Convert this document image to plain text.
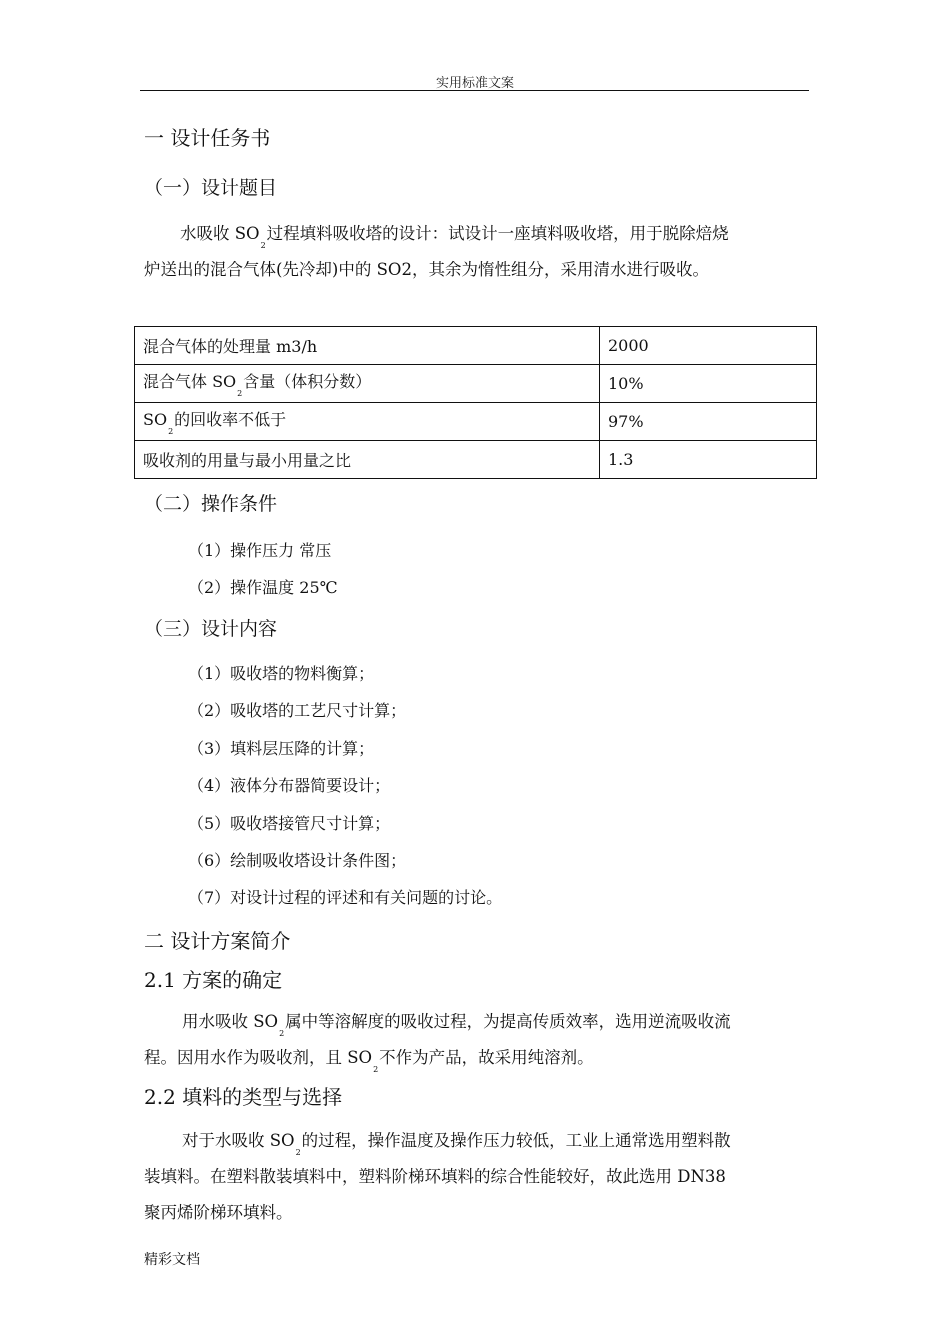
实用标准文案
一 设计任务书
（一）设计题目
水吸收 $SO_2$过程填料吸收塔的设计：试设计一座填料吸收塔，用于脱除焙烧
炉送出的混合气体(先冷却)中的 SO2，其余为惰性组分，采用清水进行吸收。
混合气体的处理量 m3/h	2000
混合气体 $SO_2$含量（体积分数）	10%
$SO_2$的回收率不低于	97%
吸收剂的用量与最小用量之比	1.3
（二）操作条件
（1）操作压力 常压
（2）操作温度 25℃
（三）设计内容
（1）吸收塔的物料衡算；
（2）吸收塔的工艺尺寸计算；
（3）填料层压降的计算；
（4）液体分布器简要设计；
（5）吸收塔接管尺寸计算；
（6）绘制吸收塔设计条件图；
（7）对设计过程的评述和有关问题的讨论。
二 设计方案简介
2.1 方案的确定
用水吸收 $SO_2$属中等溶解度的吸收过程，为提高传质效率，选用逆流吸收流
程。因用水作为吸收剂，且 $SO_2$不作为产品，故采用纯溶剂。
2.2 填料的类型与选择
对于水吸收 $SO_2$的过程，操作温度及操作压力较低，工业上通常选用塑料散
装填料。在塑料散装填料中，塑料阶梯环填料的综合性能较好，故此选用 DN38
聚丙烯阶梯环填料。
精彩文档
